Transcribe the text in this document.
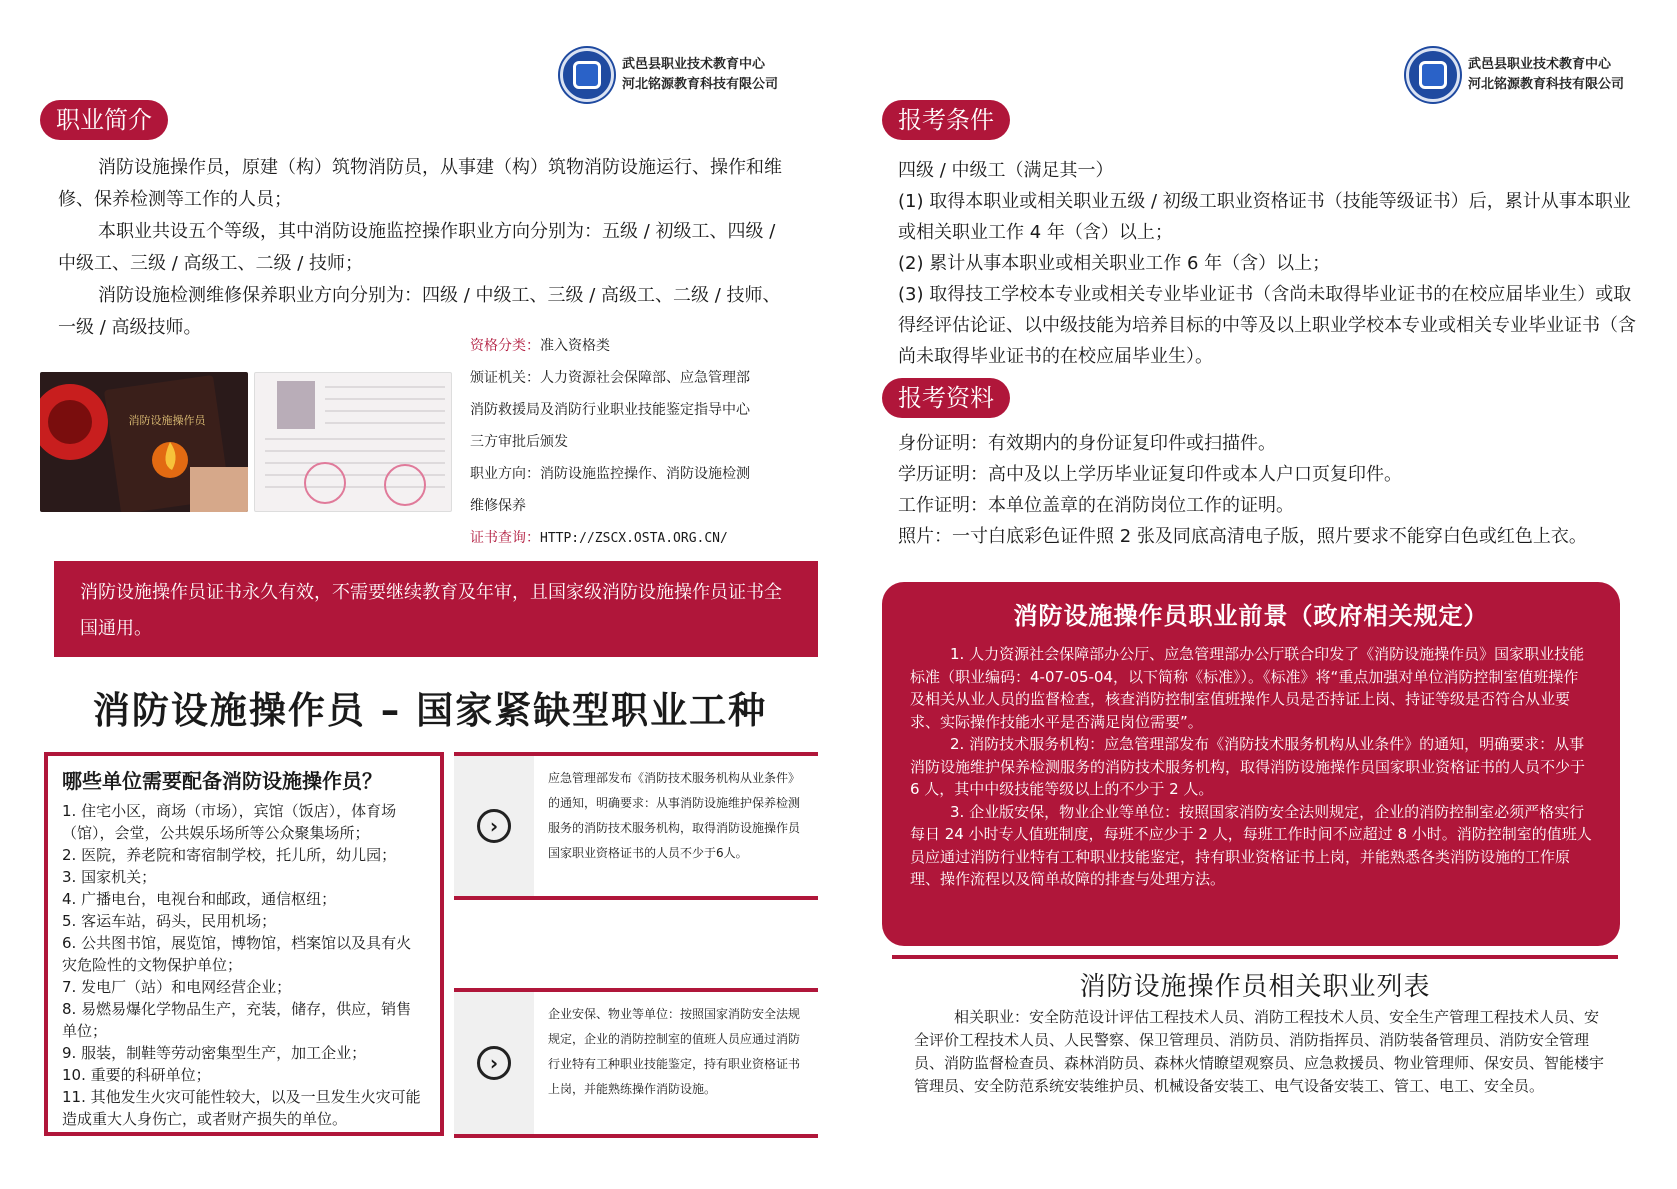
武邑县职业技术教育中心
河北铭源教育科技有限公司
职业简介

消防设施操作员，原建（构）筑物消防员，从事建（构）筑物消防设施运行、操作和维修、保养检测等工作的人员；

本职业共设五个等级，其中消防设施监控操作职业方向分别为：五级 / 初级工、四级 / 中级工、三级 / 高级工、二级 / 技师；

消防设施检测维修保养职业方向分别为：四级 / 中级工、三级 / 高级工、二级 / 技师、一级 / 高级技师。

消防设施操作员
资格分类：准入资格类
颁证机关：人力资源社会保障部、应急管理部
消防救援局及消防行业职业技能鉴定指导中心
三方审批后颁发
职业方向：消防设施监控操作、消防设施检测
维修保养
证书查询：HTTP://ZSCX.OSTA.ORG.CN/
消防设施操作员证书永久有效，不需要继续教育及年审，且国家级消防设施操作员证书全国通用。
消防设施操作员 – 国家紧缺型职业工种
哪些单位需要配备消防设施操作员？
1. 住宅小区，商场（市场），宾馆（饭店），体育场（馆），会堂，公共娱乐场所等公众聚集场所；
2. 医院，养老院和寄宿制学校，托儿所，幼儿园；
3. 国家机关；
4. 广播电台，电视台和邮政，通信枢纽；
5. 客运车站，码头，民用机场；
6. 公共图书馆，展览馆，博物馆，档案馆以及具有火灾危险性的文物保护单位；
7. 发电厂（站）和电网经营企业；
8. 易燃易爆化学物品生产，充装，储存，供应，销售单位；
9. 服装，制鞋等劳动密集型生产，加工企业；
10. 重要的科研单位；
11. 其他发生火灾可能性较大，以及一旦发生火灾可能造成重大人身伤亡，或者财产损失的单位。
›
应急管理部发布《消防技术服务机构从业条件》的通知，明确要求：从事消防设施维护保养检测服务的消防技术服务机构，取得消防设施操作员国家职业资格证书的人员不少于6人。
›
企业安保、物业等单位：按照国家消防安全法规规定，企业的消防控制室的值班人员应通过消防行业特有工种职业技能鉴定，持有职业资格证书上岗，并能熟练操作消防设施。
武邑县职业技术教育中心
河北铭源教育科技有限公司
报考条件

四级 / 中级工（满足其一）

(1) 取得本职业或相关职业五级 / 初级工职业资格证书（技能等级证书）后，累计从事本职业或相关职业工作 4 年（含）以上；

(2) 累计从事本职业或相关职业工作 6 年（含）以上；

(3) 取得技工学校本专业或相关专业毕业证书（含尚未取得毕业证书的在校应届毕业生）或取得经评估论证、以中级技能为培养目标的中等及以上职业学校本专业或相关专业毕业证书（含尚未取得毕业证书的在校应届毕业生）。

报考资料

身份证明：有效期内的身份证复印件或扫描件。

学历证明：高中及以上学历毕业证复印件或本人户口页复印件。

工作证明：本单位盖章的在消防岗位工作的证明。

照片：一寸白底彩色证件照 2 张及同底高清电子版，照片要求不能穿白色或红色上衣。

消防设施操作员职业前景（政府相关规定）

1. 人力资源社会保障部办公厅、应急管理部办公厅联合印发了《消防设施操作员》国家职业技能标准（职业编码：4-07-05-04，以下简称《标准》）。《标准》将“重点加强对单位消防控制室值班操作及相关从业人员的监督检查，核查消防控制室值班操作人员是否持证上岗、持证等级是否符合从业要求、实际操作技能水平是否满足岗位需要”。

2. 消防技术服务机构：应急管理部发布《消防技术服务机构从业条件》的通知，明确要求：从事消防设施维护保养检测服务的消防技术服务机构，取得消防设施操作员国家职业资格证书的人员不少于 6 人，其中中级技能等级以上的不少于 2 人。

3. 企业版安保，物业企业等单位：按照国家消防安全法则规定，企业的消防控制室必须严格实行每日 24 小时专人值班制度，每班不应少于 2 人，每班工作时间不应超过 8 小时。消防控制室的值班人员应通过消防行业特有工种职业技能鉴定，持有职业资格证书上岗，并能熟悉各类消防设施的工作原理、操作流程以及简单故障的排查与处理方法。

消防设施操作员相关职业列表
相关职业：安全防范设计评估工程技术人员、消防工程技术人员、安全生产管理工程技术人员、安全评价工程技术人员、人民警察、保卫管理员、消防员、消防指挥员、消防装备管理员、消防安全管理员、消防监督检查员、森林消防员、森林火情瞭望观察员、应急救援员、物业管理师、保安员、智能楼宇管理员、安全防范系统安装维护员、机械设备安装工、电气设备安装工、管工、电工、安全员。
